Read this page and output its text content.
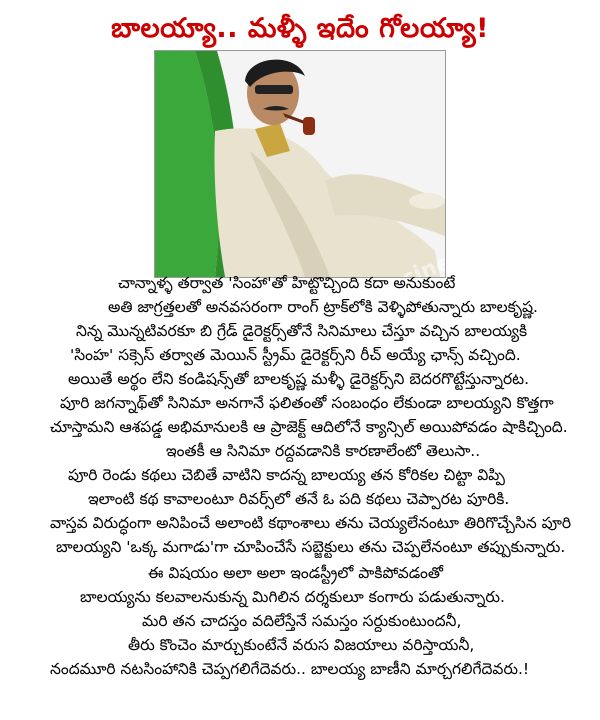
బాలయ్యా.. మళ్ళీ ఇదేం గోలయ్యా!
చాన్నాళ్ళ తర్వాత 'సింహా'తో హిట్టొచ్చింది కదా అనుకుంటే
అతి జాగ్రత్తలతో అనవసరంగా రాంగ్ ట్రాక్‌లోకి వెళ్ళిపోతున్నారు బాలకృష్ణ.
నిన్న మొన్నటివరకూ బి గ్రేడ్ డైరెక్టర్స్‌తోనే సినిమాలు చేస్తూ వచ్చిన బాలయ్యకి
'సింహ' సక్సెస్ తర్వాత మెయిన్ స్ట్రీమ్ డైరెక్టర్స్‌ని రీచ్ అయ్యే ఛాన్స్ వచ్చింది.
అయితే అర్థం లేని కండిషన్స్‌తో బాలకృష్ణ మళ్ళీ డైరెక్టర్స్‌ని బెదరగొట్టేస్తున్నారట.
పూరి జగన్నాథ్‌తో సినిమా అనగానే ఫలితంతో సంబంధం లేకుండా బాలయ్యని కొత్తగా
చూస్తామని ఆశపడ్డ అభిమానులకి ఆ ప్రాజెక్ట్ ఆదిలోనే క్యాన్సిల్ అయిపోవడం షాకిచ్చింది.
ఇంతకీ ఆ సినిమా రద్దవడానికి కారణాలేంటో తెలుసా..
పూరి రెండు కథలు చెబితే వాటిని కాదన్న బాలయ్య తన కోరికల చిట్టా విప్పి
ఇలాంటి కథ కావాలంటూ రివర్స్‌లో తనే ఓ పది కథలు చెప్పారట పూరికి.
వాస్తవ విరుద్ధంగా అనిపించే అలాంటి కథాంశాలు తను చెయ్యలేనంటూ తిరిగొచ్చేసిన పూరి
బాలయ్యని 'ఒక్క మగాడు'గా చూపించేసే సబ్జెక్టులు తను చెప్పలేనంటూ తప్పుకున్నారు.
ఈ విషయం అలా అలా ఇండస్ట్రీలో పాకిపోవడంతో
బాలయ్యను కలవాలనుకున్న మిగిలిన దర్శకులూ కంగారు పడుతున్నారు.
మరి తన చాదస్తం వదిలేస్తేనే సమస్తం సర్దుకుంటుందనీ,
తీరు కొంచెం మార్చుకుంటేనే వరుస విజయాలు వరిస్తాయనీ,
నందమూరి నటసింహానికి చెప్పగలిగేదెవరు.. బాలయ్య బాణీని మార్చగలిగేదెవరు.!
